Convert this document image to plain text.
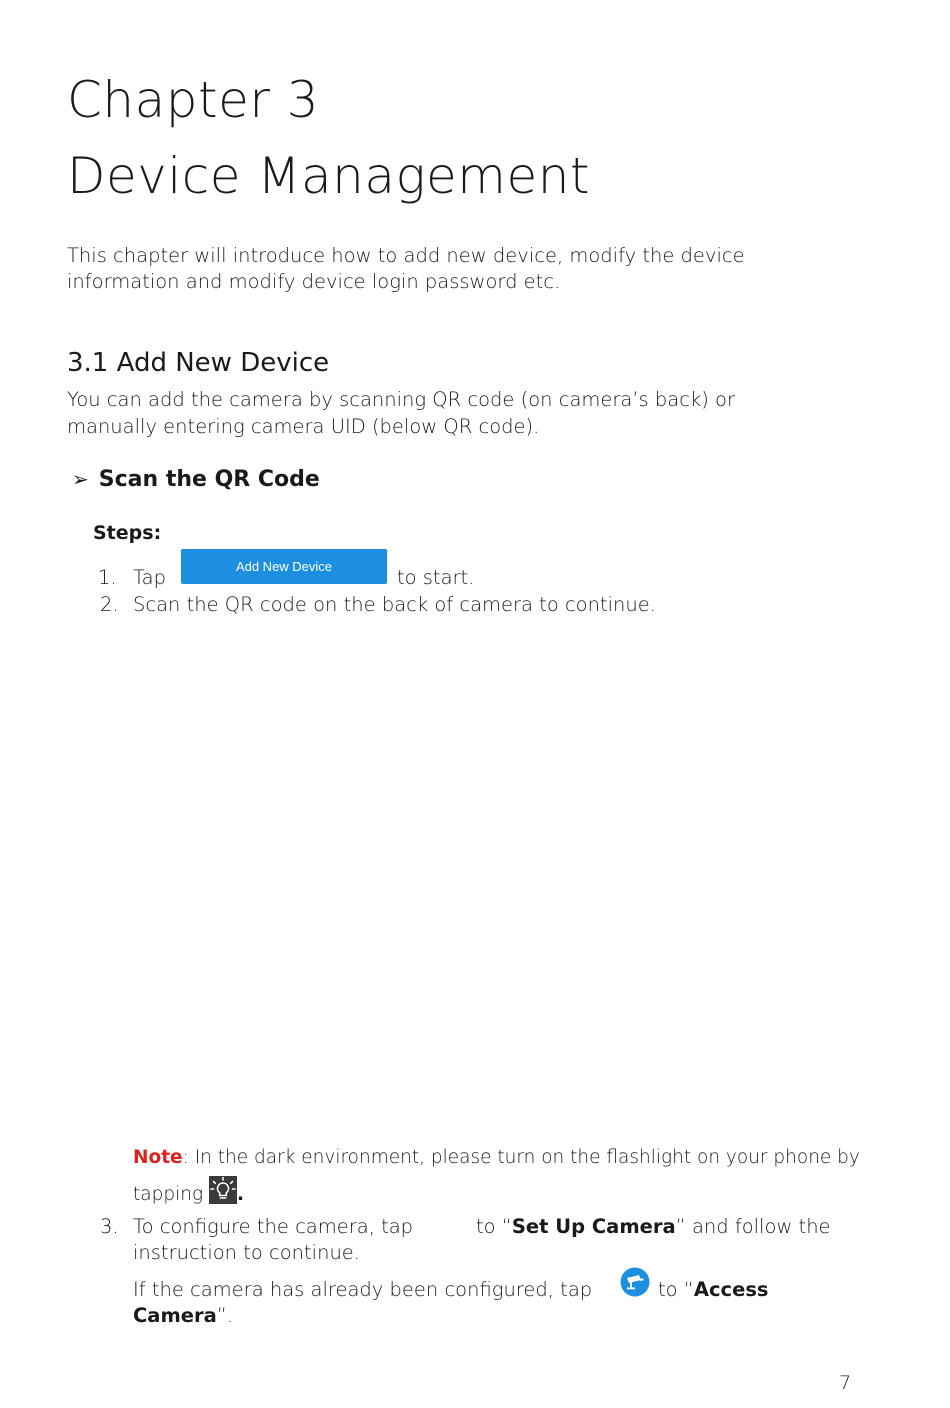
Chapter 3
Device Management
This chapter will introduce how to add new device, modify the device
information and modify device login password etc.
3.1 Add New Device
You can add the camera by scanning QR code (on camera’s back) or
manually entering camera UID (below QR code).
➢ Scan the QR Code
Steps:
1. Tap	Add New Device	to start.
2. Scan the QR code on the back of camera to continue.
Note: In the dark environment, please turn on the flashlight on your phone by
tapping .
3. To configure the camera, tap	to “Set Up Camera” and follow the
instruction to continue.
If the camera has already been configured, tap	to “Access
Camera”.
7
